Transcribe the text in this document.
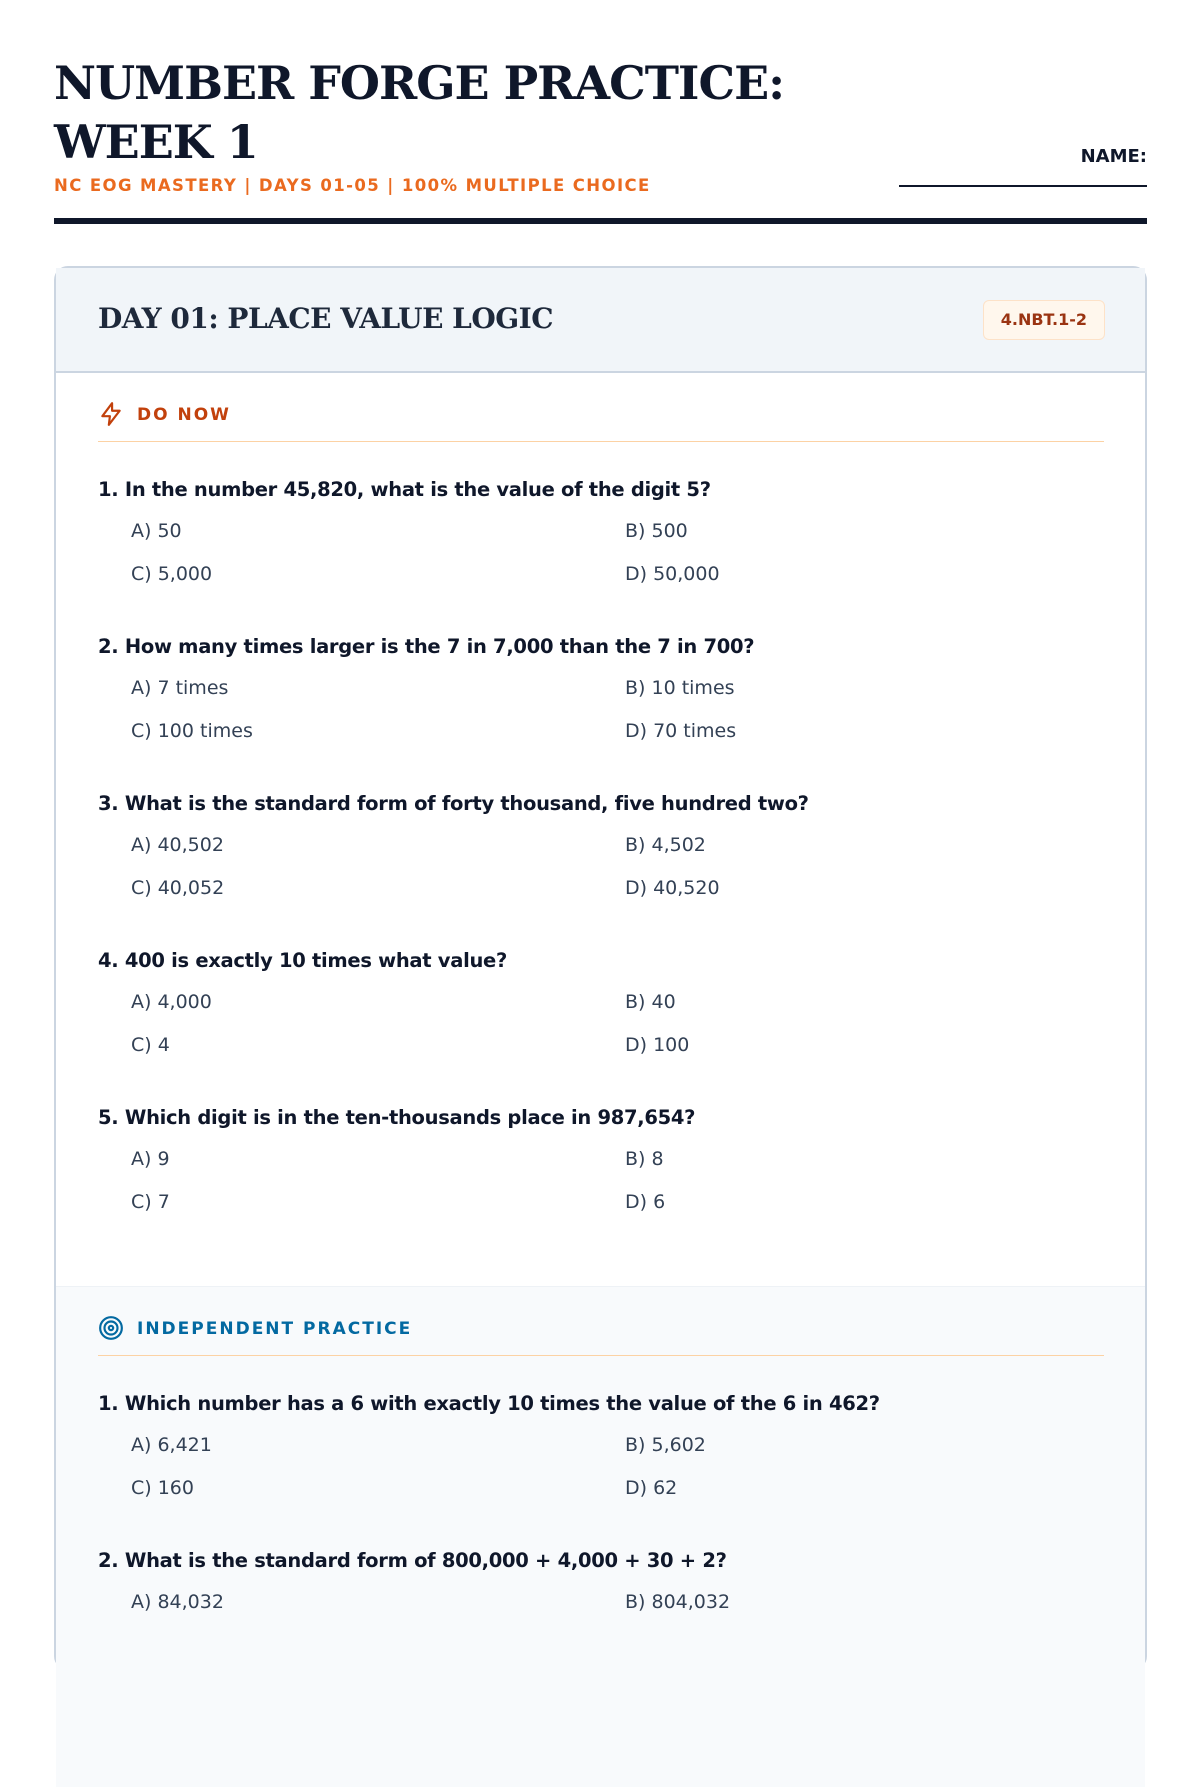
NUMBER FORGE PRACTICE:
WEEK 1
NC EOG MASTERY | DAYS 01-05 | 100% MULTIPLE CHOICE
NAME:
DAY 01: PLACE VALUE LOGIC	4.NBT.1-2
DO NOW
1. In the number 45,820, what is the value of the digit 5?
A) 50	B) 500
C) 5,000	D) 50,000
2. How many times larger is the 7 in 7,000 than the 7 in 700?
A) 7 times	B) 10 times
C) 100 times	D) 70 times
3. What is the standard form of forty thousand, five hundred two?
A) 40,502	B) 4,502
C) 40,052	D) 40,520
4. 400 is exactly 10 times what value?
A) 4,000	B) 40
C) 4	D) 100
5. Which digit is in the ten-thousands place in 987,654?
A) 9	B) 8
C) 7	D) 6
INDEPENDENT PRACTICE
1. Which number has a 6 with exactly 10 times the value of the 6 in 462?
A) 6,421	B) 5,602
C) 160	D) 62
2. What is the standard form of 800,000 + 4,000 + 30 + 2?
A) 84,032	B) 804,032
